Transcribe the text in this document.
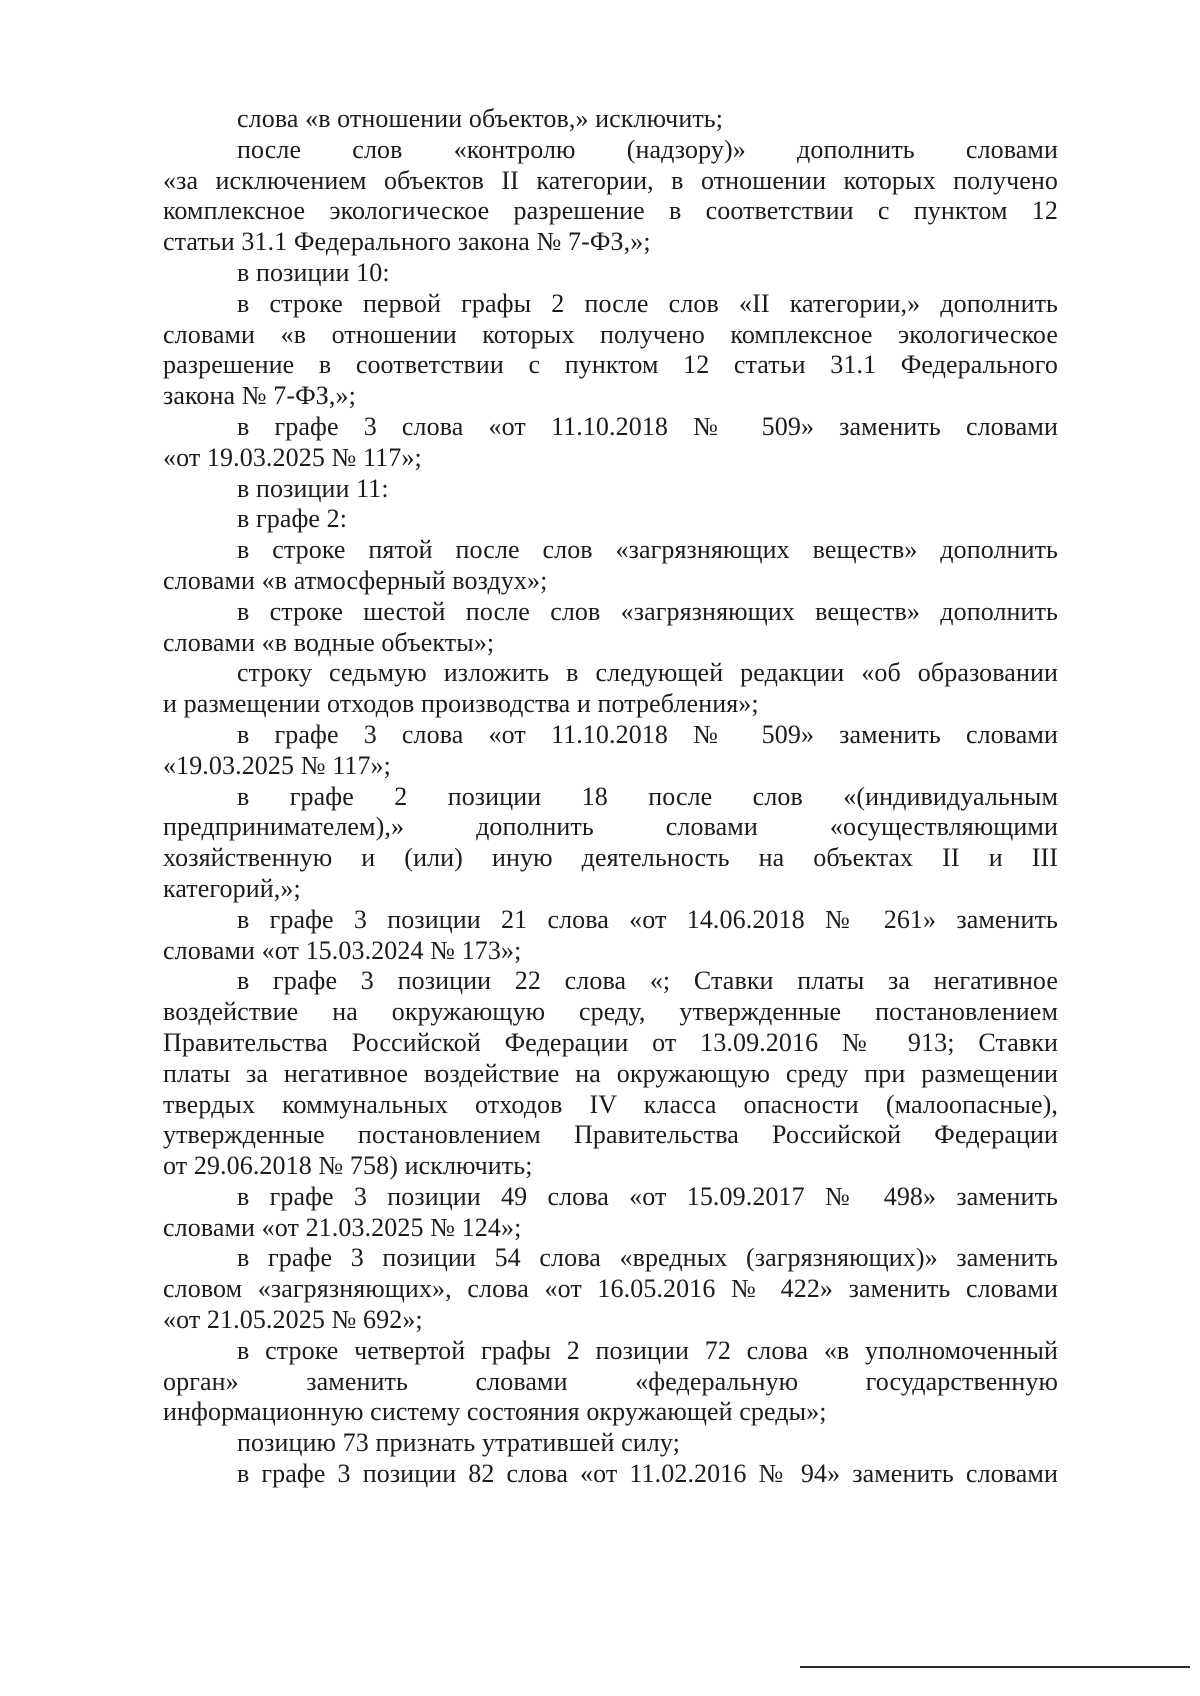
слова «в отношении объектов,» исключить;
после слов «контролю (надзору)» дополнить словами
«за исключением объектов II категории, в отношении которых получено
комплексное экологическое разрешение в соответствии с пунктом 12
статьи 31.1 Федерального закона № 7-ФЗ,»;
в позиции 10:
в строке первой графы 2 после слов «II категории,» дополнить
словами «в отношении которых получено комплексное экологическое
разрешение в соответствии с пунктом 12 статьи 31.1 Федерального
закона № 7-ФЗ,»;
в графе 3 слова «от 11.10.2018 № 509» заменить словами
«от 19.03.2025 № 117»;
в позиции 11:
в графе 2:
в строке пятой после слов «загрязняющих веществ» дополнить
словами «в атмосферный воздух»;
в строке шестой после слов «загрязняющих веществ» дополнить
словами «в водные объекты»;
строку седьмую изложить в следующей редакции «об образовании
и размещении отходов производства и потребления»;
в графе 3 слова «от 11.10.2018 № 509» заменить словами
«19.03.2025 № 117»;
в графе 2 позиции 18 после слов «(индивидуальным
предпринимателем),» дополнить словами «осуществляющими
хозяйственную и (или) иную деятельность на объектах II и III
категорий,»;
в графе 3 позиции 21 слова «от 14.06.2018 № 261» заменить
словами «от 15.03.2024 № 173»;
в графе 3 позиции 22 слова «; Ставки платы за негативное
воздействие на окружающую среду, утвержденные постановлением
Правительства Российской Федерации от 13.09.2016 № 913; Ставки
платы за негативное воздействие на окружающую среду при размещении
твердых коммунальных отходов IV класса опасности (малоопасные),
утвержденные постановлением Правительства Российской Федерации
от 29.06.2018 № 758) исключить;
в графе 3 позиции 49 слова «от 15.09.2017 № 498» заменить
словами «от 21.03.2025 № 124»;
в графе 3 позиции 54 слова «вредных (загрязняющих)» заменить
словом «загрязняющих», слова «от 16.05.2016 № 422» заменить словами
«от 21.05.2025 № 692»;
в строке четвертой графы 2 позиции 72 слова «в уполномоченный
орган» заменить словами «федеральную государственную
информационную систему состояния окружающей среды»;
позицию 73 признать утратившей силу;
в графе 3 позиции 82 слова «от 11.02.2016 № 94» заменить словами
